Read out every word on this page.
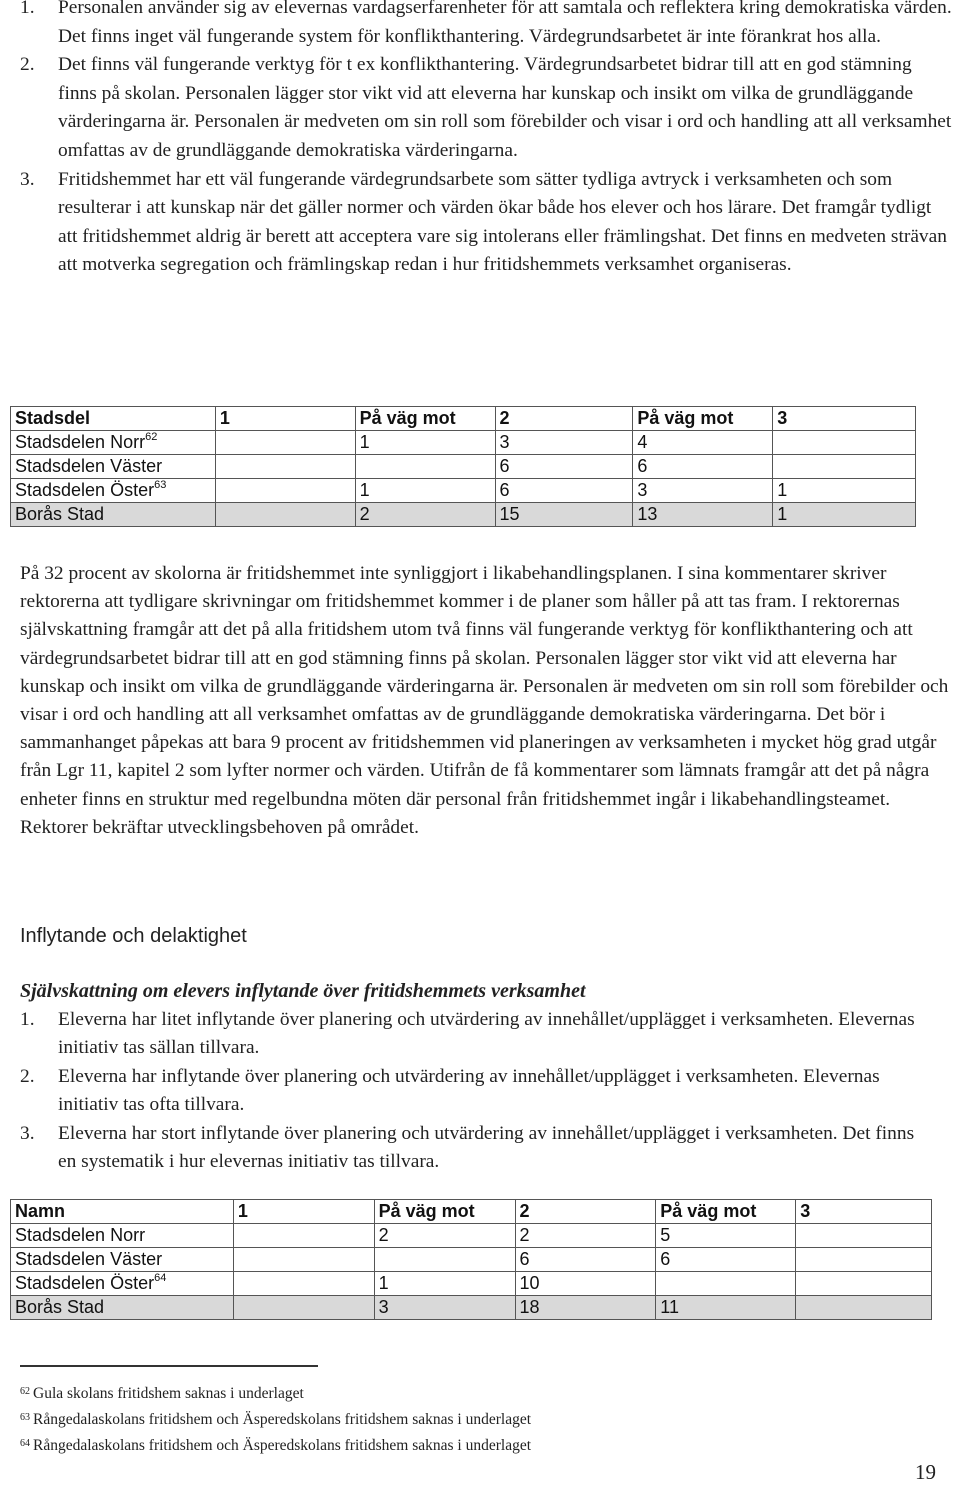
1. Personalen använder sig av elevernas vardagserfarenheter för att samtala och reflektera kring demokratiska värden. Det finns inget väl fungerande system för konflikthantering. Värdegrundsarbetet är inte förankrat hos alla.
2. Det finns väl fungerande verktyg för t ex konflikthantering. Värdegrundsarbetet bidrar till att en god stämning finns på skolan. Personalen lägger stor vikt vid att eleverna har kunskap och insikt om vilka de grundläggande värderingarna är. Personalen är medveten om sin roll som förebilder och visar i ord och handling att all verksamhet omfattas av de grundläggande demokratiska värderingarna.
3. Fritidshemmet har ett väl fungerande värdegrundsarbete som sätter tydliga avtryck i verksamheten och som resulterar i att kunskap när det gäller normer och värden ökar både hos elever och hos lärare. Det framgår tydligt att fritidshemmet aldrig är berett att acceptera vare sig intolerans eller främlingshat. Det finns en medveten strävan att motverka segregation och främlingskap redan i hur fritidshemmets verksamhet organiseras.
Stadsdel	1	På väg mot	2	På väg mot	3
Stadsdelen Norr$^{62}$		1	3	4	
Stadsdelen Väster			6	6	
Stadsdelen Öster$^{63}$		1	6	3	1
Borås Stad		2	15	13	1
På 32 procent av skolorna är fritidshemmet inte synliggjort i likabehandlingsplanen. I sina kommentarer skriver rektorerna att tydligare skrivningar om fritidshemmet kommer i de planer som håller på att tas fram. I rektorernas självskattning framgår att det på alla fritidshem utom två finns väl fungerande verktyg för konflikthantering och att värdegrundsarbetet bidrar till att en god stämning finns på skolan. Personalen lägger stor vikt vid att eleverna har kunskap och insikt om vilka de grundläggande värderingarna är. Personalen är medveten om sin roll som förebilder och visar i ord och handling att all verksamhet omfattas av de grundläggande demokratiska värderingarna. Det bör i sammanhanget påpekas att bara 9 procent av fritidshemmen vid planeringen av verksamheten i mycket hög grad utgår från Lgr 11, kapitel 2 som lyfter normer och värden. Utifrån de få kommentarer som lämnats framgår att det på några enheter finns en struktur med regelbundna möten där personal från fritidshemmet ingår i likabehandlingsteamet. Rektorer bekräftar utvecklingsbehoven på området.
Inflytande och delaktighet
Självskattning om elevers inflytande över fritidshemmets verksamhet
1. Eleverna har litet inflytande över planering och utvärdering av innehållet/upplägget i verksamheten. Elevernas initiativ tas sällan tillvara.
2. Eleverna har inflytande över planering och utvärdering av innehållet/upplägget i verksamheten. Elevernas initiativ tas ofta tillvara.
3. Eleverna har stort inflytande över planering och utvärdering av innehållet/upplägget i verksamheten. Det finns en systematik i hur elevernas initiativ tas tillvara.
Namn	1	På väg mot	2	På väg mot	3
Stadsdelen Norr		2	2	5	
Stadsdelen Väster			6	6	
Stadsdelen Öster$^{64}$		1	10		
Borås Stad		3	18	11	
$^{62}$ Gula skolans fritidshem saknas i underlaget
$^{63}$ Rångedalaskolans fritidshem och Äsperedskolans fritidshem saknas i underlaget
$^{64}$ Rångedalaskolans fritidshem och Äsperedskolans fritidshem saknas i underlaget
19
